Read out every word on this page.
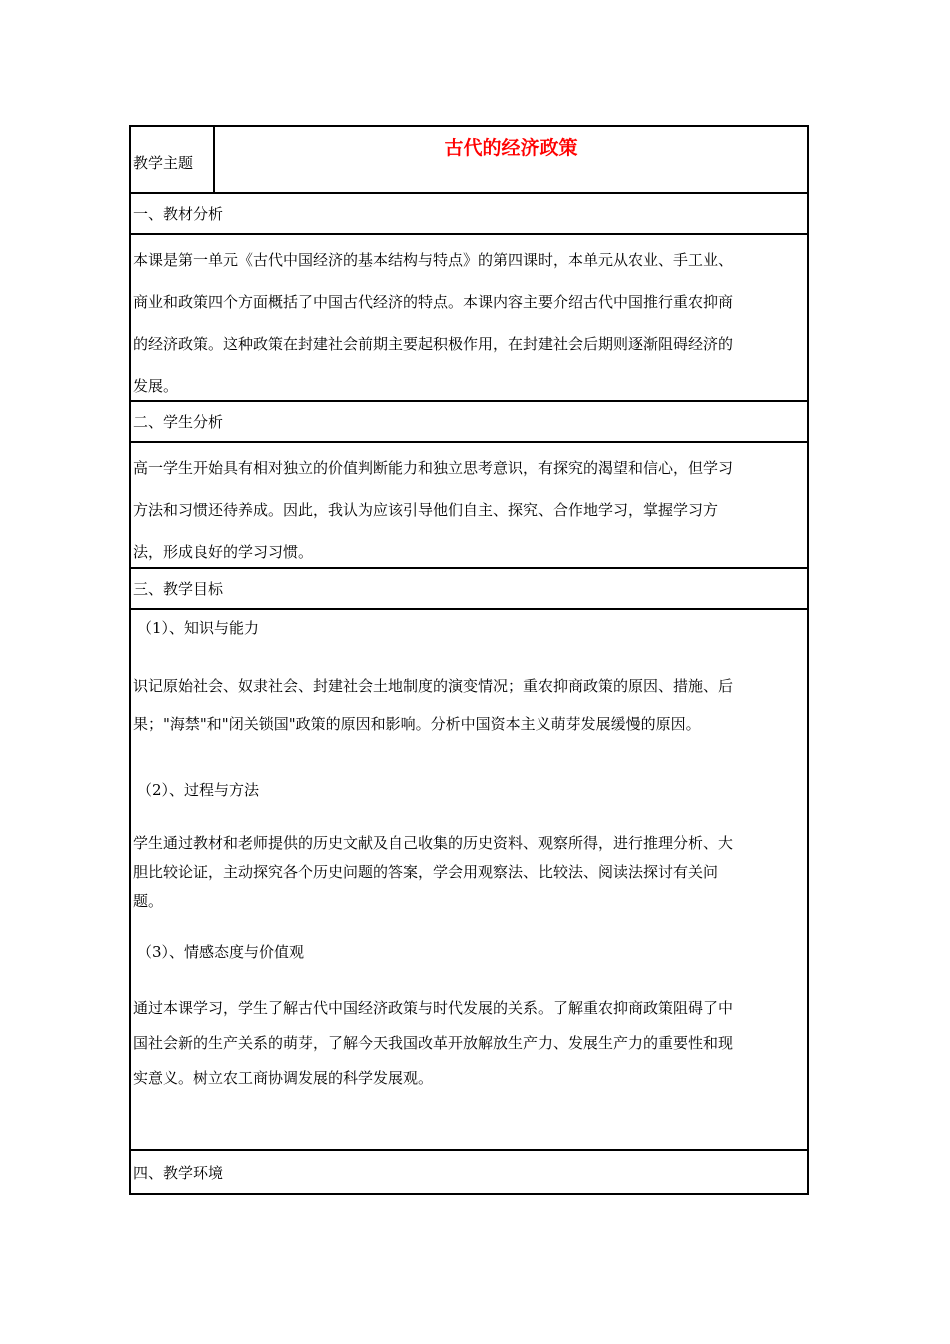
教学主题
古代的经济政策
一、教材分析
本课是第一单元《古代中国经济的基本结构与特点》的第四课时，本单元从农业、手工业、
商业和政策四个方面概括了中国古代经济的特点。本课内容主要介绍古代中国推行重农抑商
的经济政策。这种政策在封建社会前期主要起积极作用，在封建社会后期则逐渐阻碍经济的
发展。
二、学生分析
高一学生开始具有相对独立的价值判断能力和独立思考意识，有探究的渴望和信心，但学习
方法和习惯还待养成。因此，我认为应该引导他们自主、探究、合作地学习，掌握学习方
法，形成良好的学习习惯。
三、教学目标
（1）、知识与能力
识记原始社会、奴隶社会、封建社会土地制度的演变情况；重农抑商政策的原因、措施、后
果；"海禁"和"闭关锁国"政策的原因和影响。分析中国资本主义萌芽发展缓慢的原因。
（2）、过程与方法
学生通过教材和老师提供的历史文献及自己收集的历史资料、观察所得，进行推理分析、大
胆比较论证，主动探究各个历史问题的答案，学会用观察法、比较法、阅读法探讨有关问
题。
（3）、情感态度与价值观
通过本课学习，学生了解古代中国经济政策与时代发展的关系。了解重农抑商政策阻碍了中
国社会新的生产关系的萌芽，了解今天我国改革开放解放生产力、发展生产力的重要性和现
实意义。树立农工商协调发展的科学发展观。
四、教学环境
